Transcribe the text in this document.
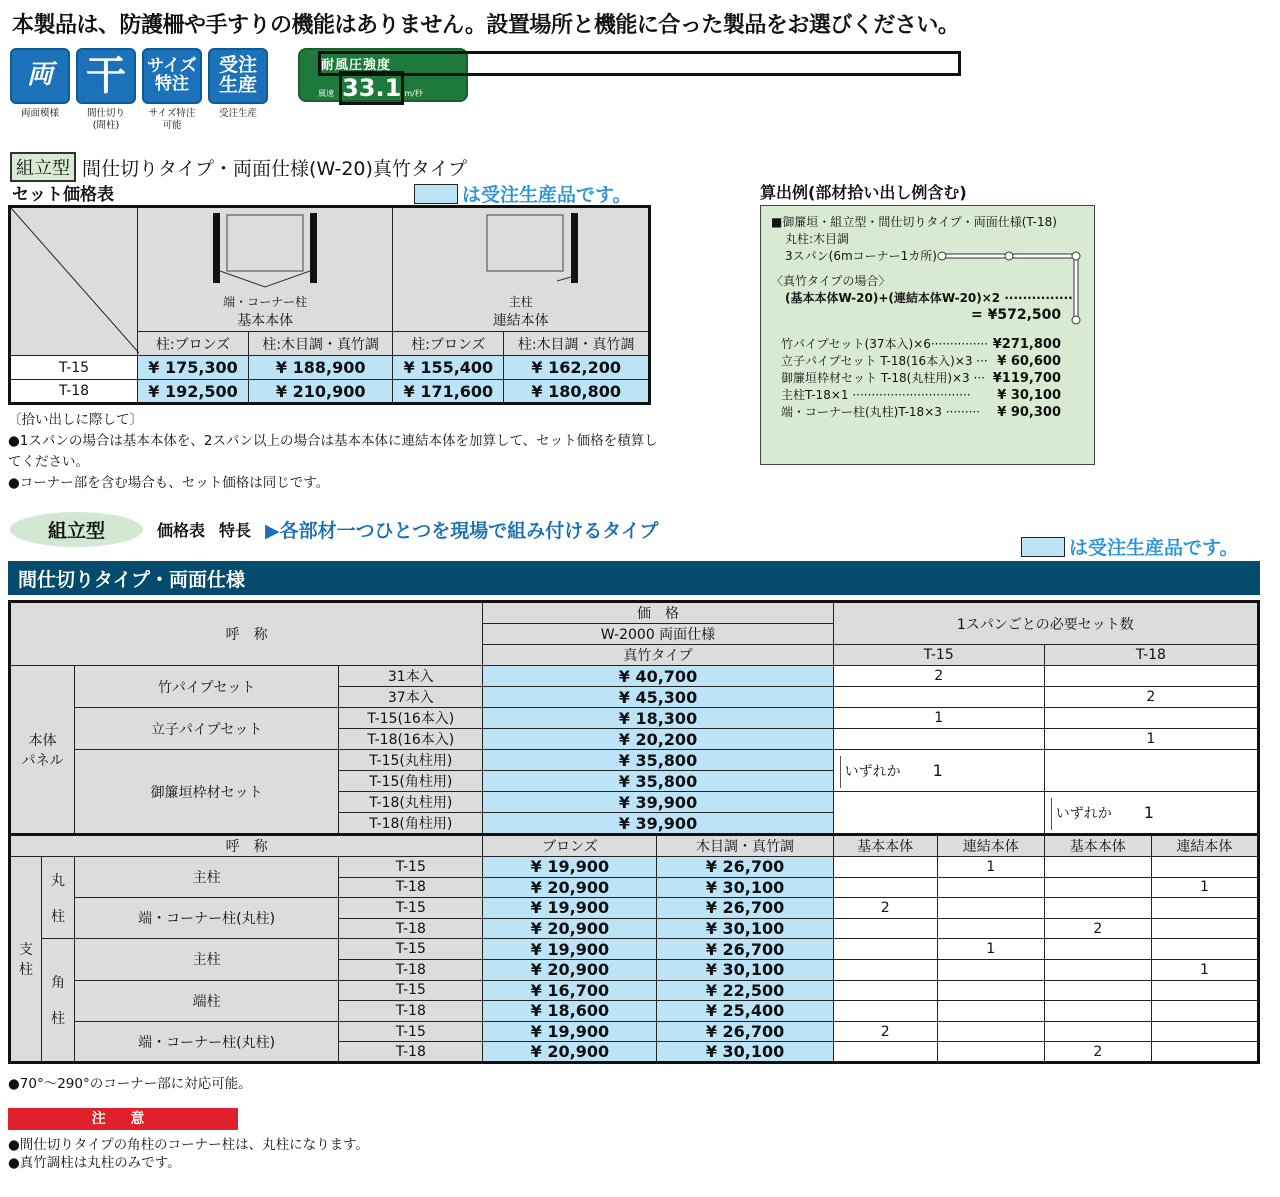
本製品は、防護柵や手すりの機能はありません。設置場所と機能に合った製品をお選びください。
両
両面模様
干
間仕切り
(間柱)
サイズ
特注
サイズ特注
可能
受注
生産
受注生産
耐風圧強度
風速 33.1 m/秒
組立型 間仕切りタイプ・両面仕様(W-20)真竹タイプ
セット価格表	は受注生産品です。

端・コーナー柱
基本本体

主柱
連結本体

	柱:ブロンズ	柱:木目調・真竹調	柱:ブロンズ	柱:木目調・真竹調
T-15	¥ 175,300	¥ 188,900	¥ 155,400	¥ 162,200
T-18	¥ 192,500	¥ 210,900	¥ 171,600	¥ 180,800
〔拾い出しに際して〕
●1スパンの場合は基本本体を、2スパン以上の場合は基本本体に連結本体を加算して、セット価格を積算してください。
●コーナー部を含む場合も、セット価格は同じです。
算出例(部材拾い出し例含む)
■御簾垣・組立型・間仕切りタイプ・両面仕様(T-18)
丸柱:木目調
3スパン(6mコーナー1カ所)
〈真竹タイプの場合〉
(基本本体W-20)+(連結本体W-20)×2 ···············
= ¥572,500
竹パイプセット(37本入)×6··············· ¥271,800
立子パイプセット T-18(16本入)×3 ··· ¥ 60,600
御簾垣枠材セット T-18(丸柱用)×3 ··· ¥119,700
主柱T-18×1 ······························· ¥ 30,100
端・コーナー柱(丸柱)T-18×3 ········· ¥ 90,300
組立型	価格表 特長 ▶各部材一つひとつを現場で組み付けるタイプ
は受注生産品です。
間仕切りタイプ・両面仕様
呼　称				価　格		1スパンごとの必要セット数			
				W-2000 両面仕様					
				真竹タイプ		T-15		T-18	
本体
パネル		竹パイプセット	31本入	¥ 40,700		2			
			37本入	¥ 45,300				2	
		立子パイプセット	T-15(16本入)	¥ 18,300		1			
			T-18(16本入)	¥ 20,200				1	
		御簾垣枠材セット	T-15(丸柱用)	¥ 35,800		いずれか 1			
			T-15(角柱用)	¥ 35,800					
			T-18(丸柱用)	¥ 39,900				いずれか 1	
			T-18(角柱用)	¥ 39,900					
呼　称				ブロンズ	木目調・真竹調	基本本体	連結本体	基本本体	連結本体
支
柱	丸

柱	主柱	T-15	¥ 19,900	¥ 26,700		1		
			T-18	¥ 20,900	¥ 30,100				1
		端・コーナー柱(丸柱)	T-15	¥ 19,900	¥ 26,700	2			
			T-18	¥ 20,900	¥ 30,100			2	
	角

柱	主柱	T-15	¥ 19,900	¥ 26,700		1		
			T-18	¥ 20,900	¥ 30,100				1
		端柱	T-15	¥ 16,700	¥ 22,500				
			T-18	¥ 18,600	¥ 25,400				
		端・コーナー柱(丸柱)	T-15	¥ 19,900	¥ 26,700	2			
			T-18	¥ 20,900	¥ 30,100			2	
●70°〜290°のコーナー部に対応可能。
注 意
●間仕切りタイプの角柱のコーナー柱は、丸柱になります。
●真竹調柱は丸柱のみです。
